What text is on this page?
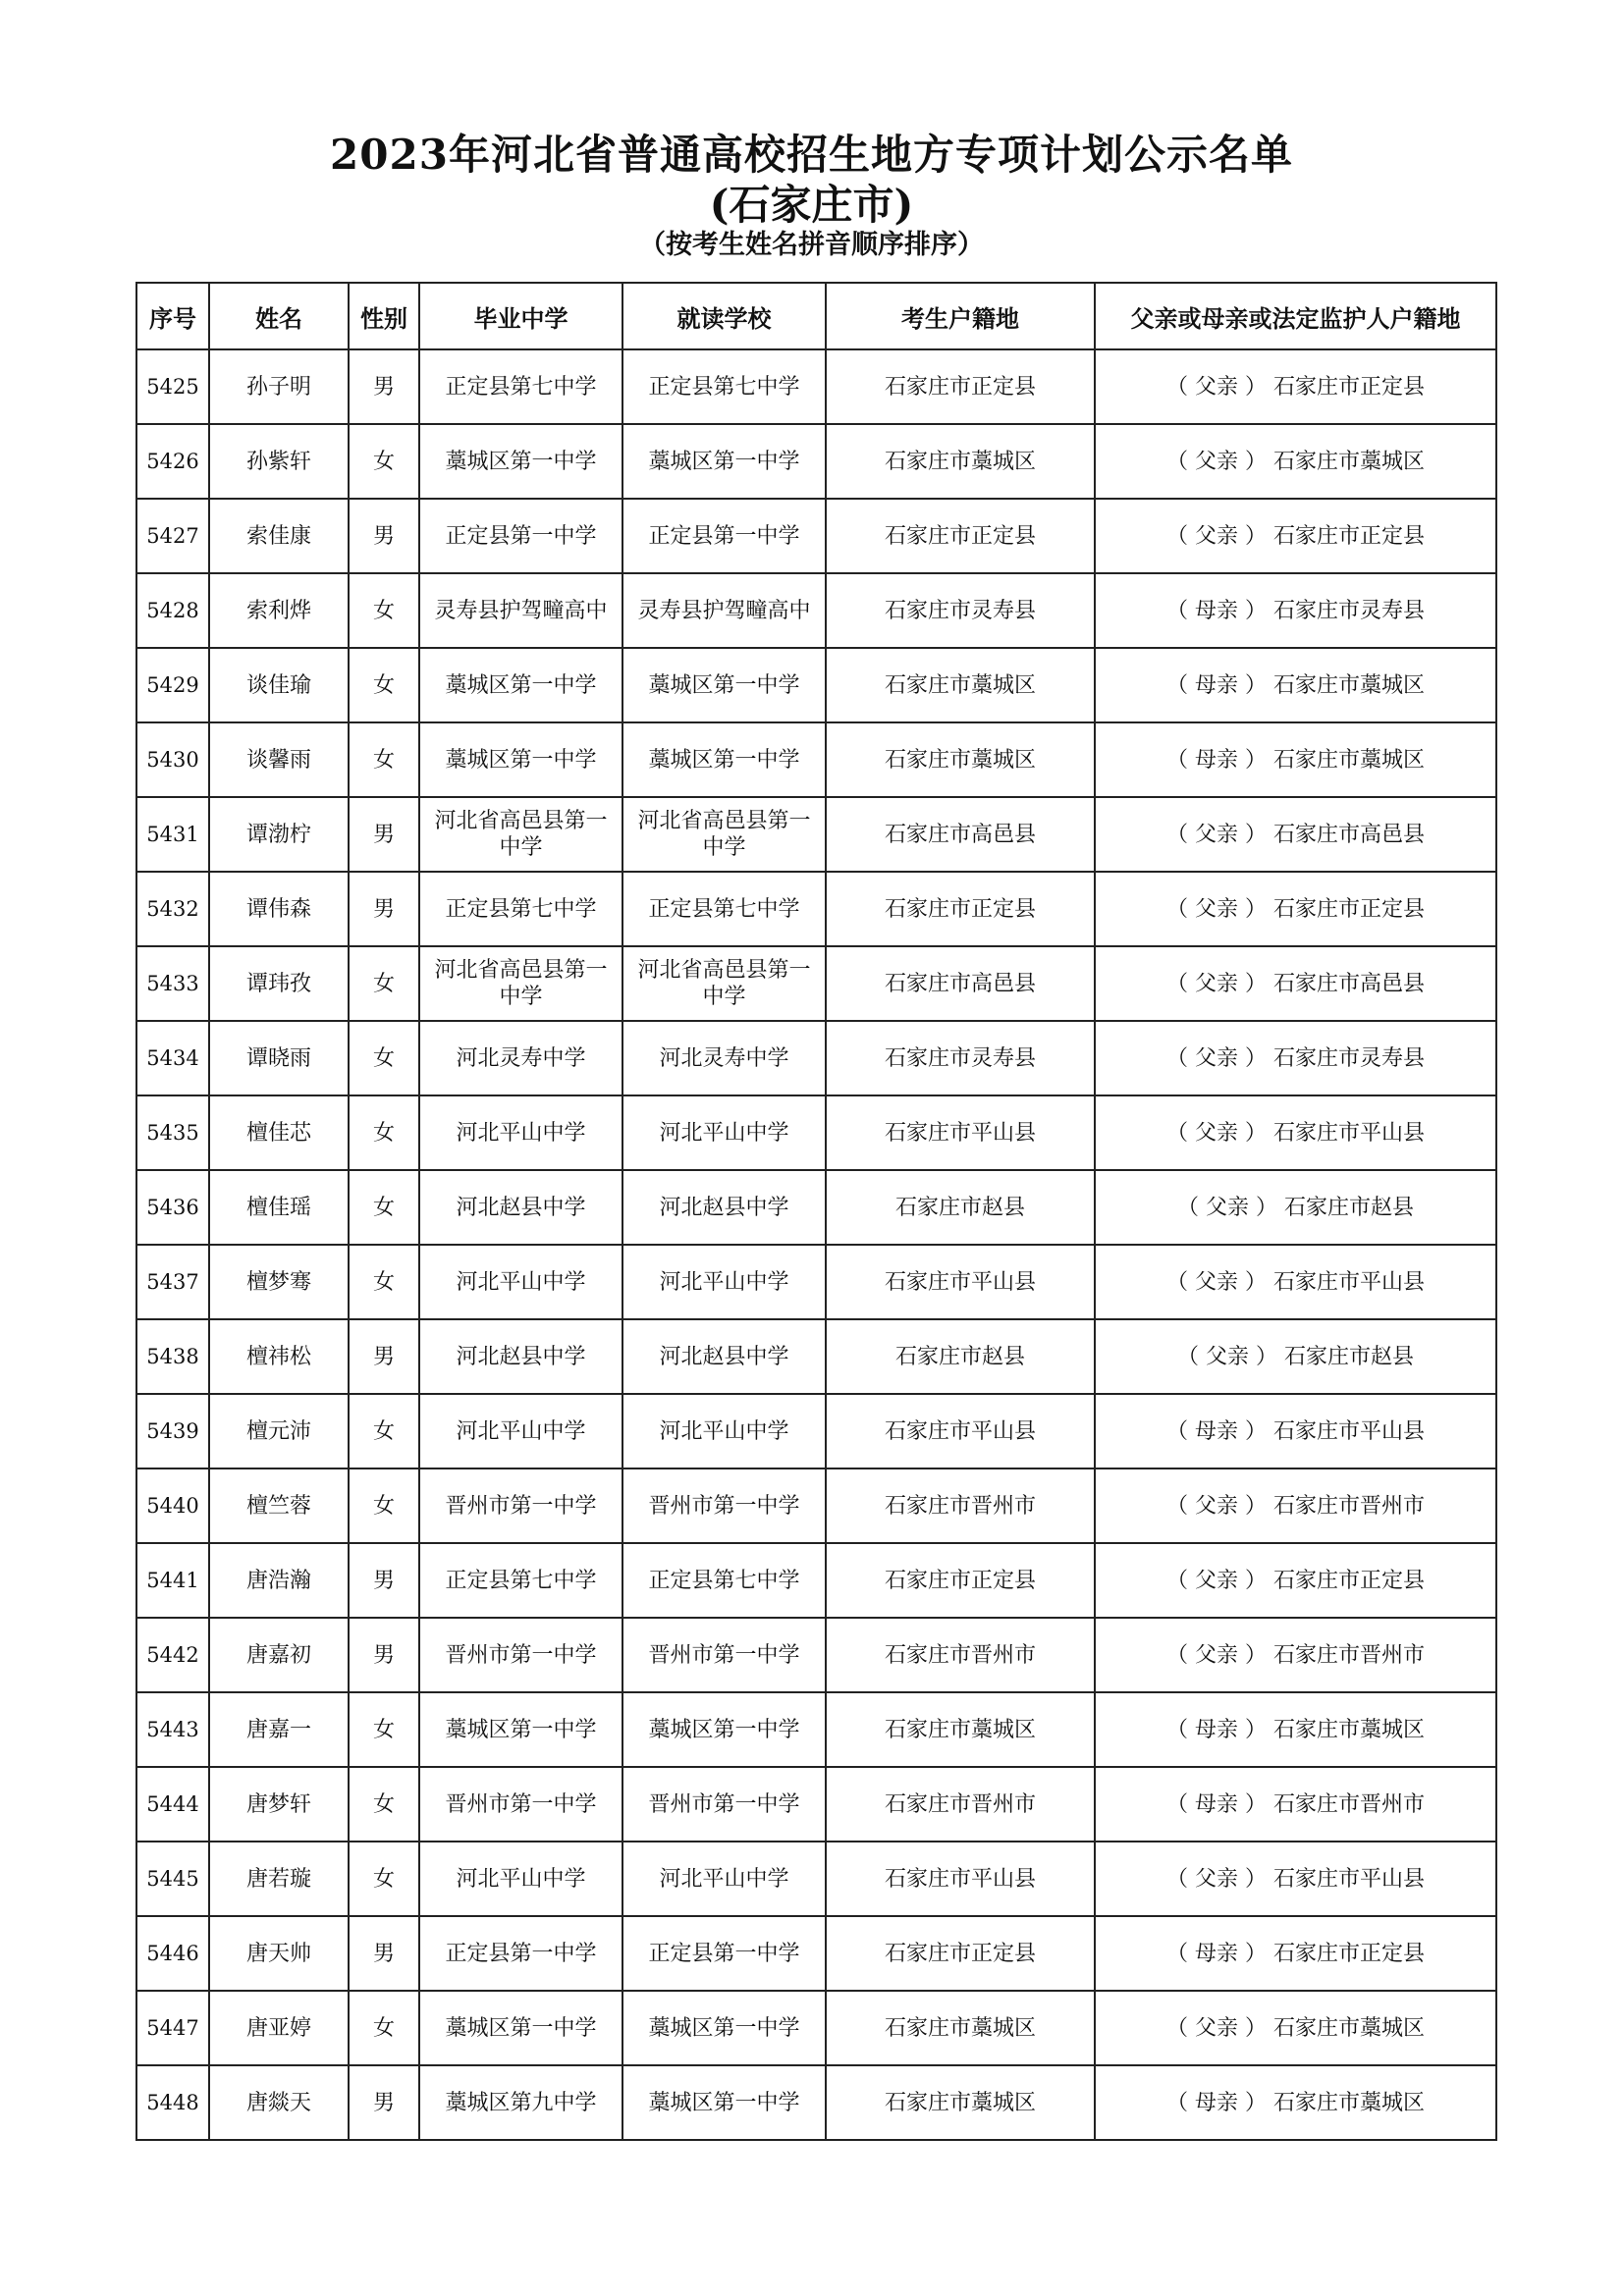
2023年河北省普通高校招生地方专项计划公示名单
(石家庄市)
（按考生姓名拼音顺序排序）
序号	姓名	性别	毕业中学	就读学校	考生户籍地	父亲或母亲或法定监护人户籍地
5425	孙子明	男	正定县第七中学	正定县第七中学	石家庄市正定县	（ 父亲 ） 石家庄市正定县
5426	孙紫轩	女	藁城区第一中学	藁城区第一中学	石家庄市藁城区	（ 父亲 ） 石家庄市藁城区
5427	索佳康	男	正定县第一中学	正定县第一中学	石家庄市正定县	（ 父亲 ） 石家庄市正定县
5428	索利烨	女	灵寿县护驾疃高中	灵寿县护驾疃高中	石家庄市灵寿县	（ 母亲 ） 石家庄市灵寿县
5429	谈佳瑜	女	藁城区第一中学	藁城区第一中学	石家庄市藁城区	（ 母亲 ） 石家庄市藁城区
5430	谈馨雨	女	藁城区第一中学	藁城区第一中学	石家庄市藁城区	（ 母亲 ） 石家庄市藁城区
5431	谭渤柠	男	河北省高邑县第一中学	河北省高邑县第一中学	石家庄市高邑县	（ 父亲 ） 石家庄市高邑县
5432	谭伟森	男	正定县第七中学	正定县第七中学	石家庄市正定县	（ 父亲 ） 石家庄市正定县
5433	谭玮孜	女	河北省高邑县第一中学	河北省高邑县第一中学	石家庄市高邑县	（ 父亲 ） 石家庄市高邑县
5434	谭晓雨	女	河北灵寿中学	河北灵寿中学	石家庄市灵寿县	（ 父亲 ） 石家庄市灵寿县
5435	檀佳芯	女	河北平山中学	河北平山中学	石家庄市平山县	（ 父亲 ） 石家庄市平山县
5436	檀佳瑶	女	河北赵县中学	河北赵县中学	石家庄市赵县	（ 父亲 ） 石家庄市赵县
5437	檀梦骞	女	河北平山中学	河北平山中学	石家庄市平山县	（ 父亲 ） 石家庄市平山县
5438	檀祎松	男	河北赵县中学	河北赵县中学	石家庄市赵县	（ 父亲 ） 石家庄市赵县
5439	檀元沛	女	河北平山中学	河北平山中学	石家庄市平山县	（ 母亲 ） 石家庄市平山县
5440	檀竺蓉	女	晋州市第一中学	晋州市第一中学	石家庄市晋州市	（ 父亲 ） 石家庄市晋州市
5441	唐浩瀚	男	正定县第七中学	正定县第七中学	石家庄市正定县	（ 父亲 ） 石家庄市正定县
5442	唐嘉初	男	晋州市第一中学	晋州市第一中学	石家庄市晋州市	（ 父亲 ） 石家庄市晋州市
5443	唐嘉一	女	藁城区第一中学	藁城区第一中学	石家庄市藁城区	（ 母亲 ） 石家庄市藁城区
5444	唐梦轩	女	晋州市第一中学	晋州市第一中学	石家庄市晋州市	（ 母亲 ） 石家庄市晋州市
5445	唐若璇	女	河北平山中学	河北平山中学	石家庄市平山县	（ 父亲 ） 石家庄市平山县
5446	唐天帅	男	正定县第一中学	正定县第一中学	石家庄市正定县	（ 母亲 ） 石家庄市正定县
5447	唐亚婷	女	藁城区第一中学	藁城区第一中学	石家庄市藁城区	（ 父亲 ） 石家庄市藁城区
5448	唐燚天	男	藁城区第九中学	藁城区第一中学	石家庄市藁城区	（ 母亲 ） 石家庄市藁城区
